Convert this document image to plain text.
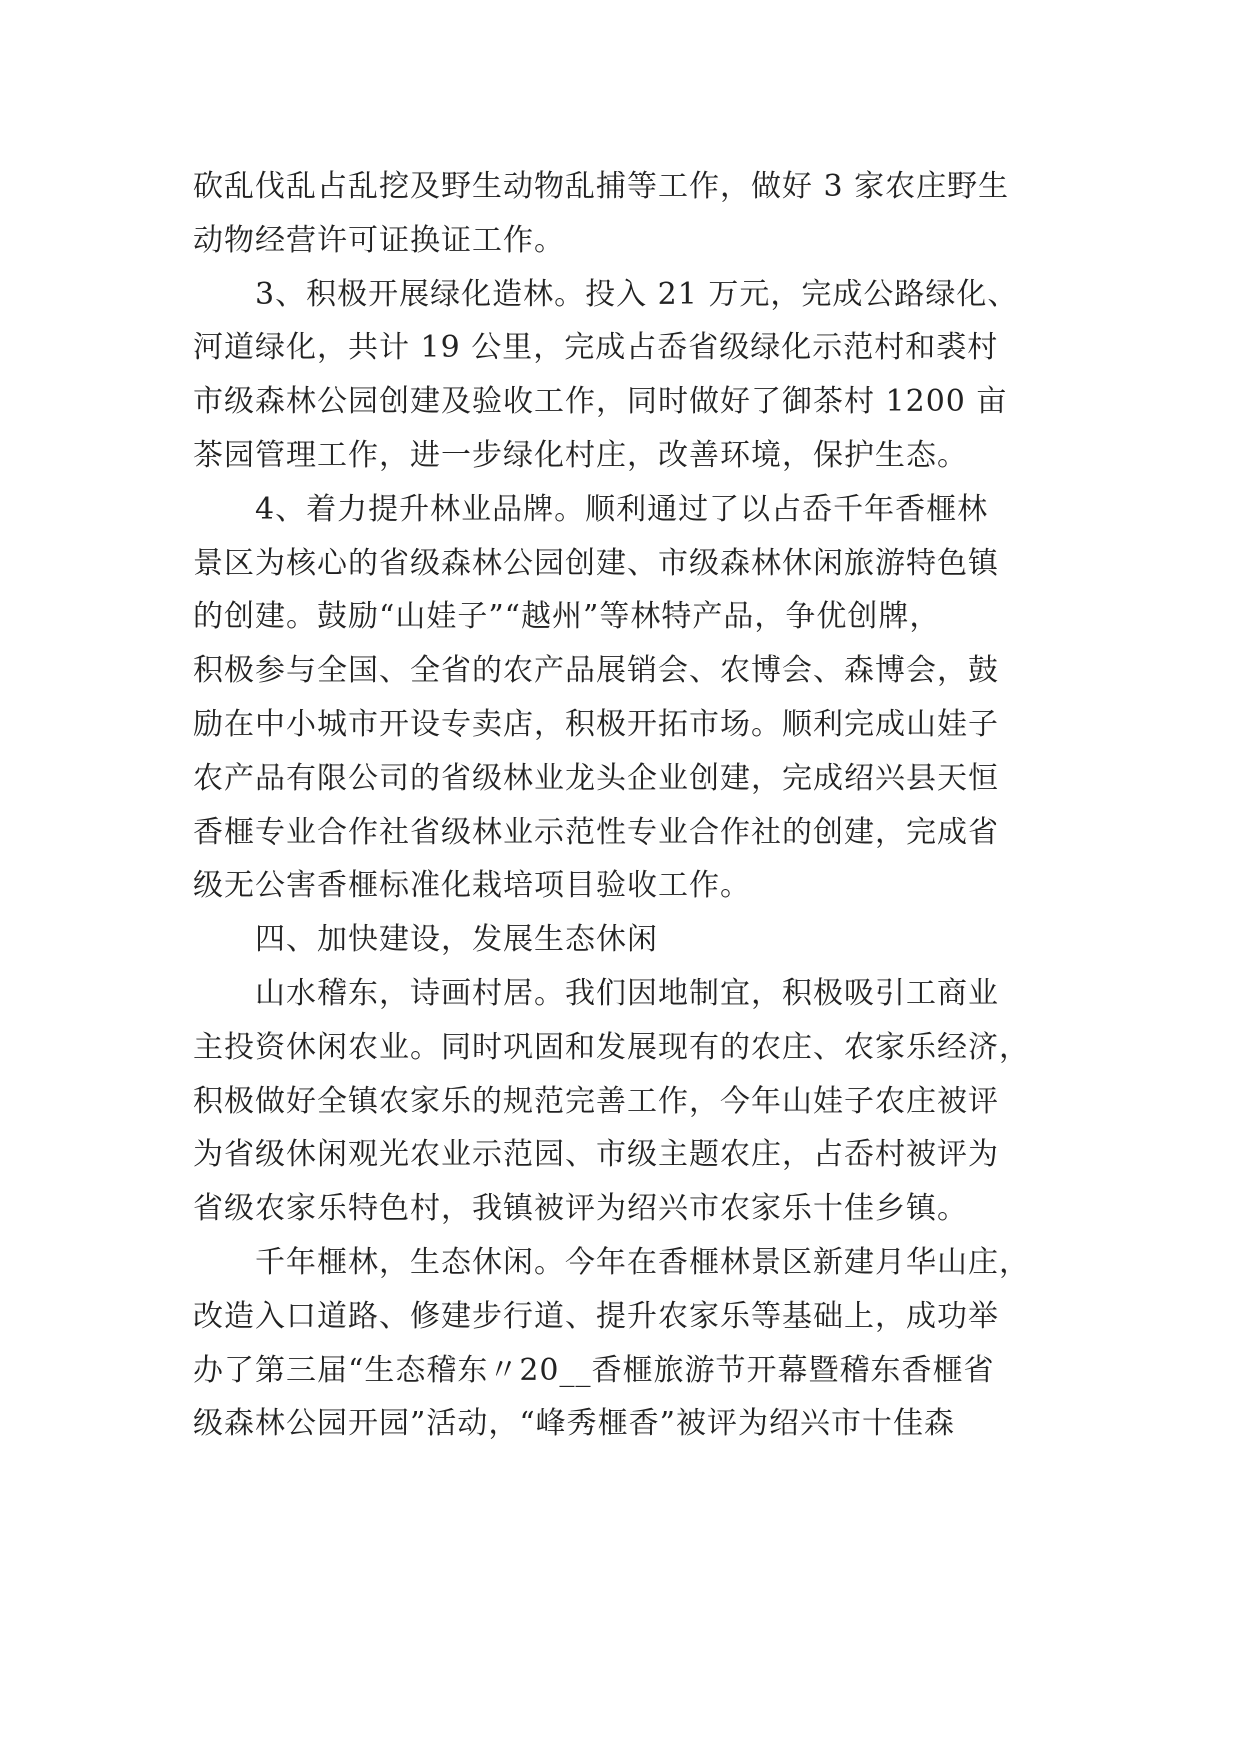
砍乱伐乱占乱挖及野生动物乱捕等工作，做好 3 家农庄野生
动物经营许可证换证工作。
　　3、积极开展绿化造林。投入 21 万元，完成公路绿化、
河道绿化，共计 19 公里，完成占岙省级绿化示范村和裘村
市级森林公园创建及验收工作，同时做好了御茶村 1200 亩
茶园管理工作，进一步绿化村庄，改善环境，保护生态。
　　4、着力提升林业品牌。顺利通过了以占岙千年香榧林
景区为核心的省级森林公园创建、市级森林休闲旅游特色镇
的创建。鼓励“山娃子”“越州”等林特产品，争优创牌，
积极参与全国、全省的农产品展销会、农博会、森博会，鼓
励在中小城市开设专卖店，积极开拓市场。顺利完成山娃子
农产品有限公司的省级林业龙头企业创建，完成绍兴县天恒
香榧专业合作社省级林业示范性专业合作社的创建，完成省
级无公害香榧标准化栽培项目验收工作。
　　四、加快建设，发展生态休闲
　　山水稽东，诗画村居。我们因地制宜，积极吸引工商业
主投资休闲农业。同时巩固和发展现有的农庄、农家乐经济，
积极做好全镇农家乐的规范完善工作，今年山娃子农庄被评
为省级休闲观光农业示范园、市级主题农庄，占岙村被评为
省级农家乐特色村，我镇被评为绍兴市农家乐十佳乡镇。
　　千年榧林，生态休闲。今年在香榧林景区新建月华山庄，
改造入口道路、修建步行道、提升农家乐等基础上，成功举
办了第三届“生态稽东〃20__香榧旅游节开幕暨稽东香榧省
级森林公园开园”活动，“峰秀榧香”被评为绍兴市十佳森
